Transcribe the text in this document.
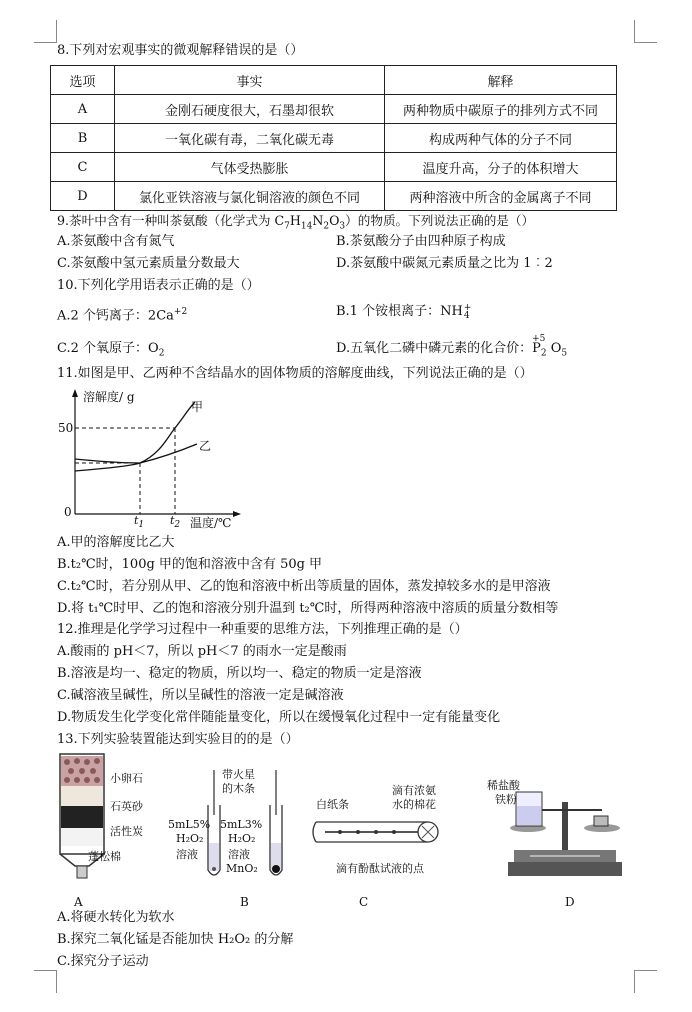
8.下列对宏观事实的微观解释错误的是（）
选项	事实	解释
A	金刚石硬度很大，石墨却很软	两种物质中碳原子的排列方式不同
B	一氧化碳有毒，二氧化碳无毒	构成两种气体的分子不同
C	气体受热膨胀	温度升高，分子的体积增大
D	氯化亚铁溶液与氯化铜溶液的颜色不同	两种溶液中所含的金属离子不同
9.茶叶中含有一种叫茶氨酸（化学式为 $C_7H_{14}N_2O_3$）的物质。下列说法正确的是（）
A.茶氨酸中含有氮气	B.茶氨酸分子由四种原子构成
C.茶氨酸中氢元素质量分数最大	D.茶氨酸中碳氮元素质量之比为 1︰2
10.下列化学用语表示正确的是（）
A.2 个钙离子：$2Ca^{+2}$	B.1 个铵根离子：NH+
4
C.2 个氧原子：$O_2$	D.五氧化二磷中磷元素的化合价：
+5
$P_2$ $O_5$
11.如图是甲、乙两种不含结晶水的固体物质的溶解度曲线，下列说法正确的是（）
溶解度/ g
甲
乙
50
0
$t_1$ $t_2$ 温度/℃
A.甲的溶解度比乙大
B.t₂℃时，100g 甲的饱和溶液中含有 50g 甲
C.t₂℃时，若分别从甲、乙的饱和溶液中析出等质量的固体，蒸发掉较多水的是甲溶液
D.将 t₁℃时甲、乙的饱和溶液分别升温到 t₂℃时，所得两种溶液中溶质的质量分数相等
12.推理是化学学习过程中一种重要的思维方法，下列推理正确的是（）
A.酸雨的 pH＜7，所以 pH＜7 的雨水一定是酸雨
B.溶液是均一、稳定的物质，所以均一、稳定的物质一定是溶液
C.碱溶液呈碱性，所以呈碱性的溶液一定是碱溶液
D.物质发生化学变化常伴随能量变化，所以在缓慢氧化过程中一定有能量变化
13.下列实验装置能达到实验目的的是（）
小卵石
石英砂
活性炭
蓬松棉
A
带火星
的木条
5mL5%
H₂O₂
溶液
5mL3%
H₂O₂
溶液
MnO₂
B
白纸条
滴有浓氨
水的棉花
滴有酚酞试液的点
C
稀盐酸
铁粉
D
A.将硬水转化为软水
B.探究二氧化锰是否能加快 H₂O₂ 的分解
C.探究分子运动
